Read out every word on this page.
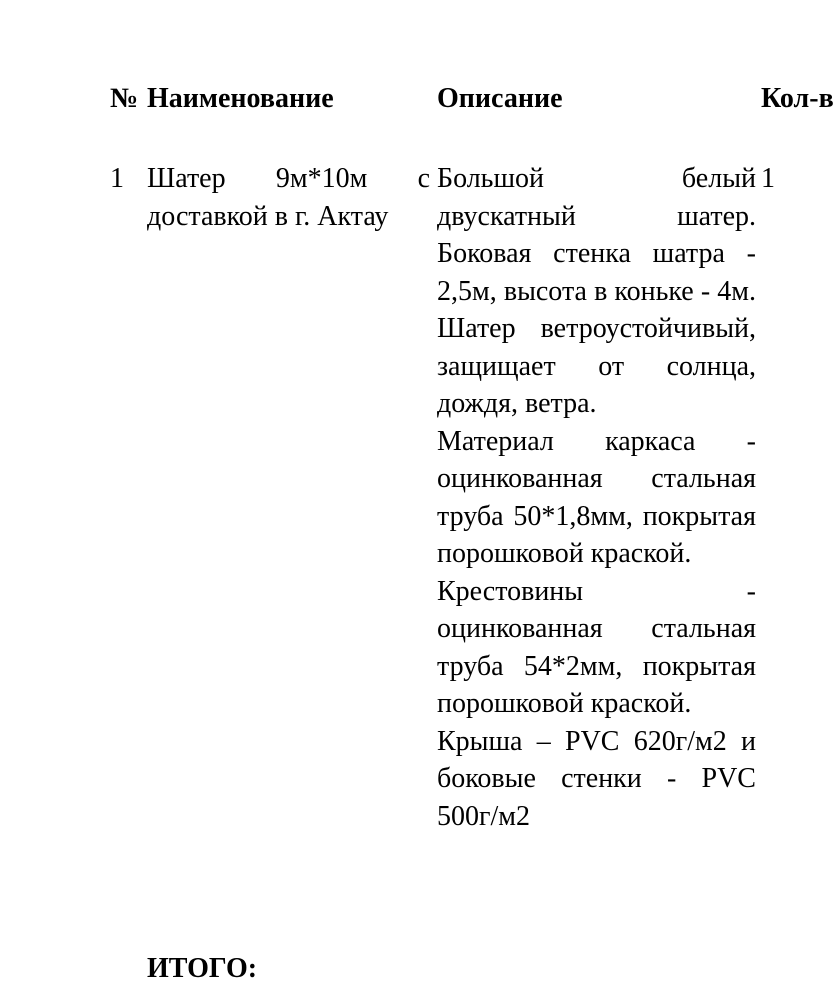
№ Наименование	Описание	Кол-в
1 Шатер 9м*10м с доставкой в г. Актау

Большой белый двускатный шатер. Боковая стенка шатра - 2,5м, высота в коньке - 4м. Шатер ветроустойчивый, защищает от солнца, дождя, ветра.

Материал каркаса - оцинкованная стальная труба 50*1,8мм, покрытая порошковой краской.

Крестовины - оцинкованная стальная труба 54*2мм, покрытая порошковой краской.

Крыша – PVC 620г/м2 и боковые стенки - PVC 500г/м2

1
ИТОГО:
